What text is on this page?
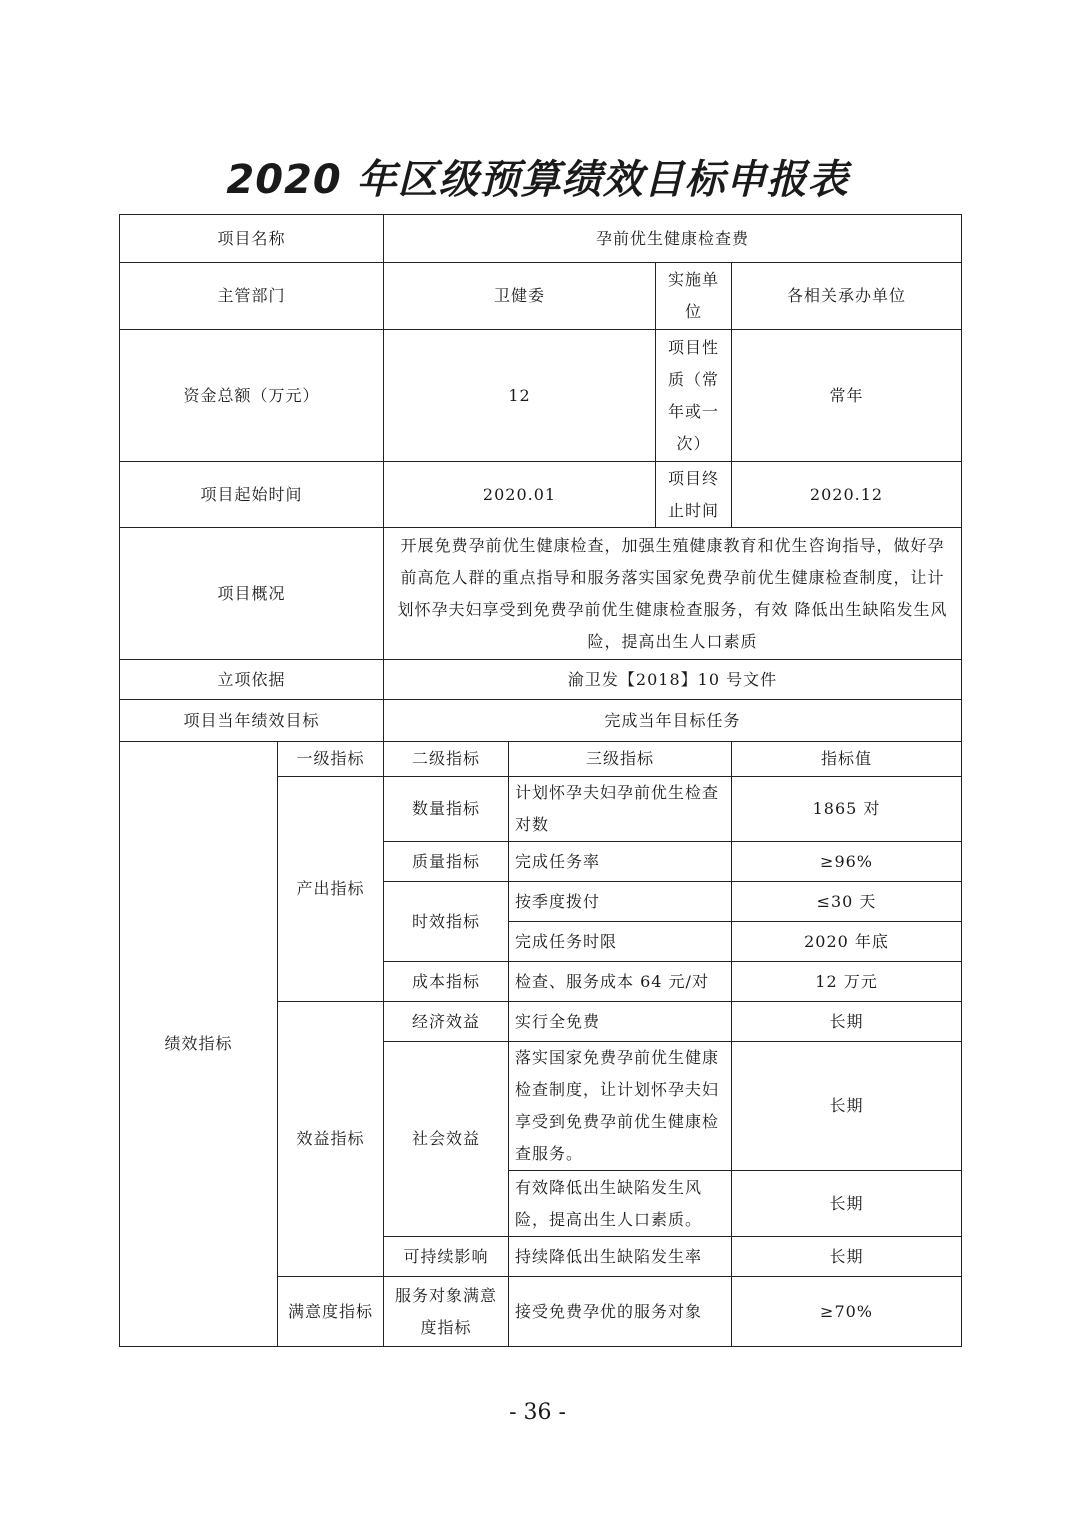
2020 年区级预算绩效目标申报表
项目名称		孕前优生健康检查费			
主管部门		卫健委		实施单位	各相关承办单位
资金总额（万元）		12		项目性质（常年或一次）	常年
项目起始时间		2020.01		项目终止时间	2020.12
项目概况		开展免费孕前优生健康检查，加强生殖健康教育和优生咨询指导，做好孕前高危人群的重点指导和服务落实国家免费孕前优生健康检查制度，让计划怀孕夫妇享受到免费孕前优生健康检查服务，有效 降低出生缺陷发生风险，提高出生人口素质			
立项依据		渝卫发【2018】10 号文件			
项目当年绩效目标		完成当年目标任务			
绩效指标	一级指标	二级指标	三级指标		指标值
	产出指标	数量指标	计划怀孕夫妇孕前优生检查对数		1865 对
		质量指标	完成任务率		≥96%
		时效指标	按季度拨付		≤30 天
			完成任务时限		2020 年底
		成本指标	检查、服务成本 64 元/对		12 万元
	效益指标	经济效益	实行全免费		长期
		社会效益	落实国家免费孕前优生健康检查制度，让计划怀孕夫妇享受到免费孕前优生健康检查服务。		长期
			有效降低出生缺陷发生风险，提高出生人口素质。		长期
		可持续影响	持续降低出生缺陷发生率		长期
	满意度指标	服务对象满意度指标	接受免费孕优的服务对象		≥70%
- 36 -
